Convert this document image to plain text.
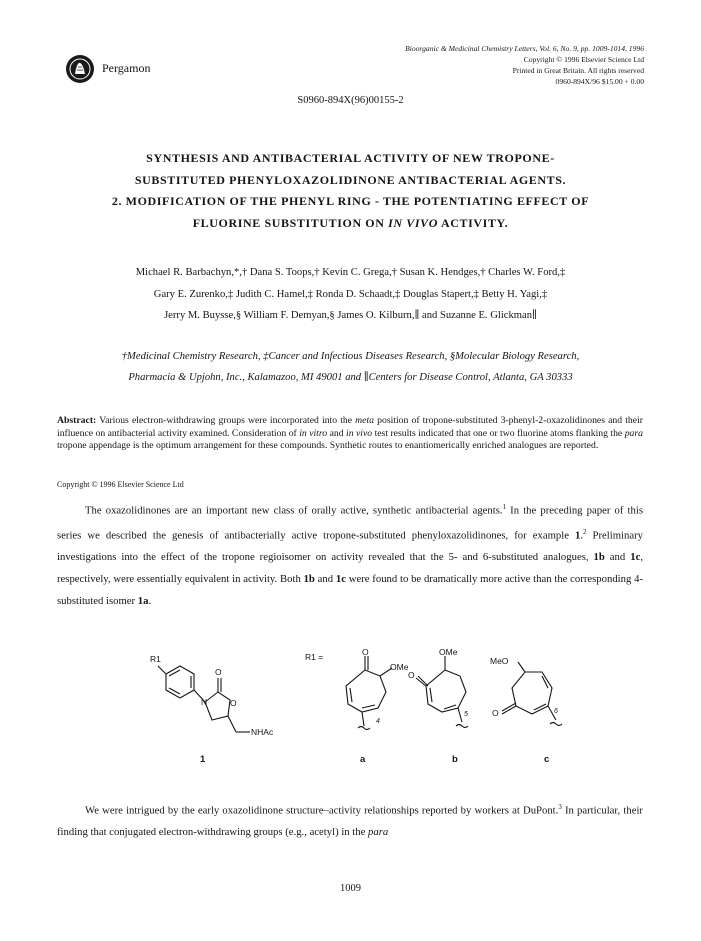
Pergamon
Bioorganic & Medicinal Chemistry Letters, Vol. 6, No. 9, pp. 1009-1014, 1996
Copyright © 1996 Elsevier Science Ltd
Printed in Great Britain. All rights reserved
0960-894X/96 $15.00 + 0.00
S0960-894X(96)00155-2
SYNTHESIS AND ANTIBACTERIAL ACTIVITY OF NEW TROPONE-
SUBSTITUTED PHENYLOXAZOLIDINONE ANTIBACTERIAL AGENTS.
2. MODIFICATION OF THE PHENYL RING - THE POTENTIATING EFFECT OF
FLUORINE SUBSTITUTION ON IN VIVO ACTIVITY.
Michael R. Barbachyn,*,† Dana S. Toops,† Kevin C. Grega,† Susan K. Hendges,† Charles W. Ford,‡
Gary E. Zurenko,‡ Judith C. Hamel,‡ Ronda D. Schaadt,‡ Douglas Stapert,‡ Betty H. Yagi,‡
Jerry M. Buysse,§ William F. Demyan,§ James O. Kilburn,∥ and Suzanne E. Glickman∥
†Medicinal Chemistry Research, ‡Cancer and Infectious Diseases Research, §Molecular Biology Research,
Pharmacia & Upjohn, Inc., Kalamazoo, MI 49001 and ∥Centers for Disease Control, Atlanta, GA 30333
Abstract: Various electron-withdrawing groups were incorporated into the meta position of tropone-substituted 3-phenyl-2-oxazolidinones and their influence on antibacterial activity examined. Consideration of in vitro and in vivo test results indicated that one or two fluorine atoms flanking the para tropone appendage is the optimum arrangement for these compounds. Synthetic routes to enantiomerically enriched analogues are reported.
Copyright © 1996 Elsevier Science Ltd
The oxazolidinones are an important new class of orally active, synthetic antibacterial agents.$^1$ In the preceding paper of this series we described the genesis of antibacterially active tropone-substituted phenyloxazolidinones, for example 1.$^2$ Preliminary investigations into the effect of the tropone regioisomer on activity revealed that the 5- and 6-substituted analogues, 1b and 1c, respectively, were essentially equivalent in activity. Both 1b and 1c were found to be dramatically more active than the corresponding 4-substituted isomer 1a.
R1
O
N	O
NHAc
R1 =	O
OMe
4
OMe
O
5
MeO
O	6
1	a	b	c
We were intrigued by the early oxazolidinone structure–activity relationships reported by workers at DuPont.$^3$ In particular, their finding that conjugated electron-withdrawing groups (e.g., acetyl) in the para
1009
